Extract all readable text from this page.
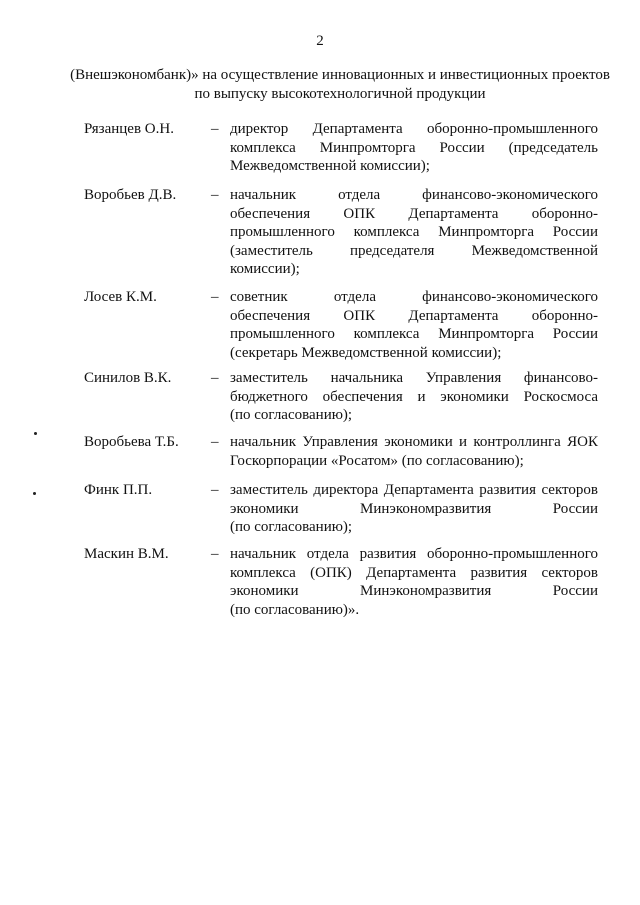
2
(Внешэкономбанк)» на осуществление инновационных и инвестиционных проектов
по выпуску высокотехнологичной продукции
Рязанцев О.Н. – директор Департамента оборонно-промышленного
комплекса Минпромторга России (председатель
Межведомственной комиссии);
Воробьев Д.В. – начальник отдела финансово-экономического
обеспечения ОПК Департамента оборонно-
промышленного комплекса Минпромторга России
(заместитель председателя Межведомственной
комиссии);
Лосев К.М.	– советник отдела финансово-экономического
обеспечения ОПК Департамента оборонно-
промышленного комплекса Минпромторга России
(секретарь Межведомственной комиссии);
Синилов В.К.	– заместитель начальника Управления финансово-
бюджетного обеспечения и экономики Роскосмоса
(по согласованию);
Воробьева Т.Б. – начальник Управления экономики и контроллинга ЯОК
Госкорпорации «Росатом» (по согласованию);
Финк П.П.	– заместитель директора Департамента развития секторов
экономики Минэкономразвития России
(по согласованию);
Маскин В.М.	– начальник отдела развития оборонно-промышленного
комплекса (ОПК) Департамента развития секторов
экономики Минэкономразвития России
(по согласованию)».
